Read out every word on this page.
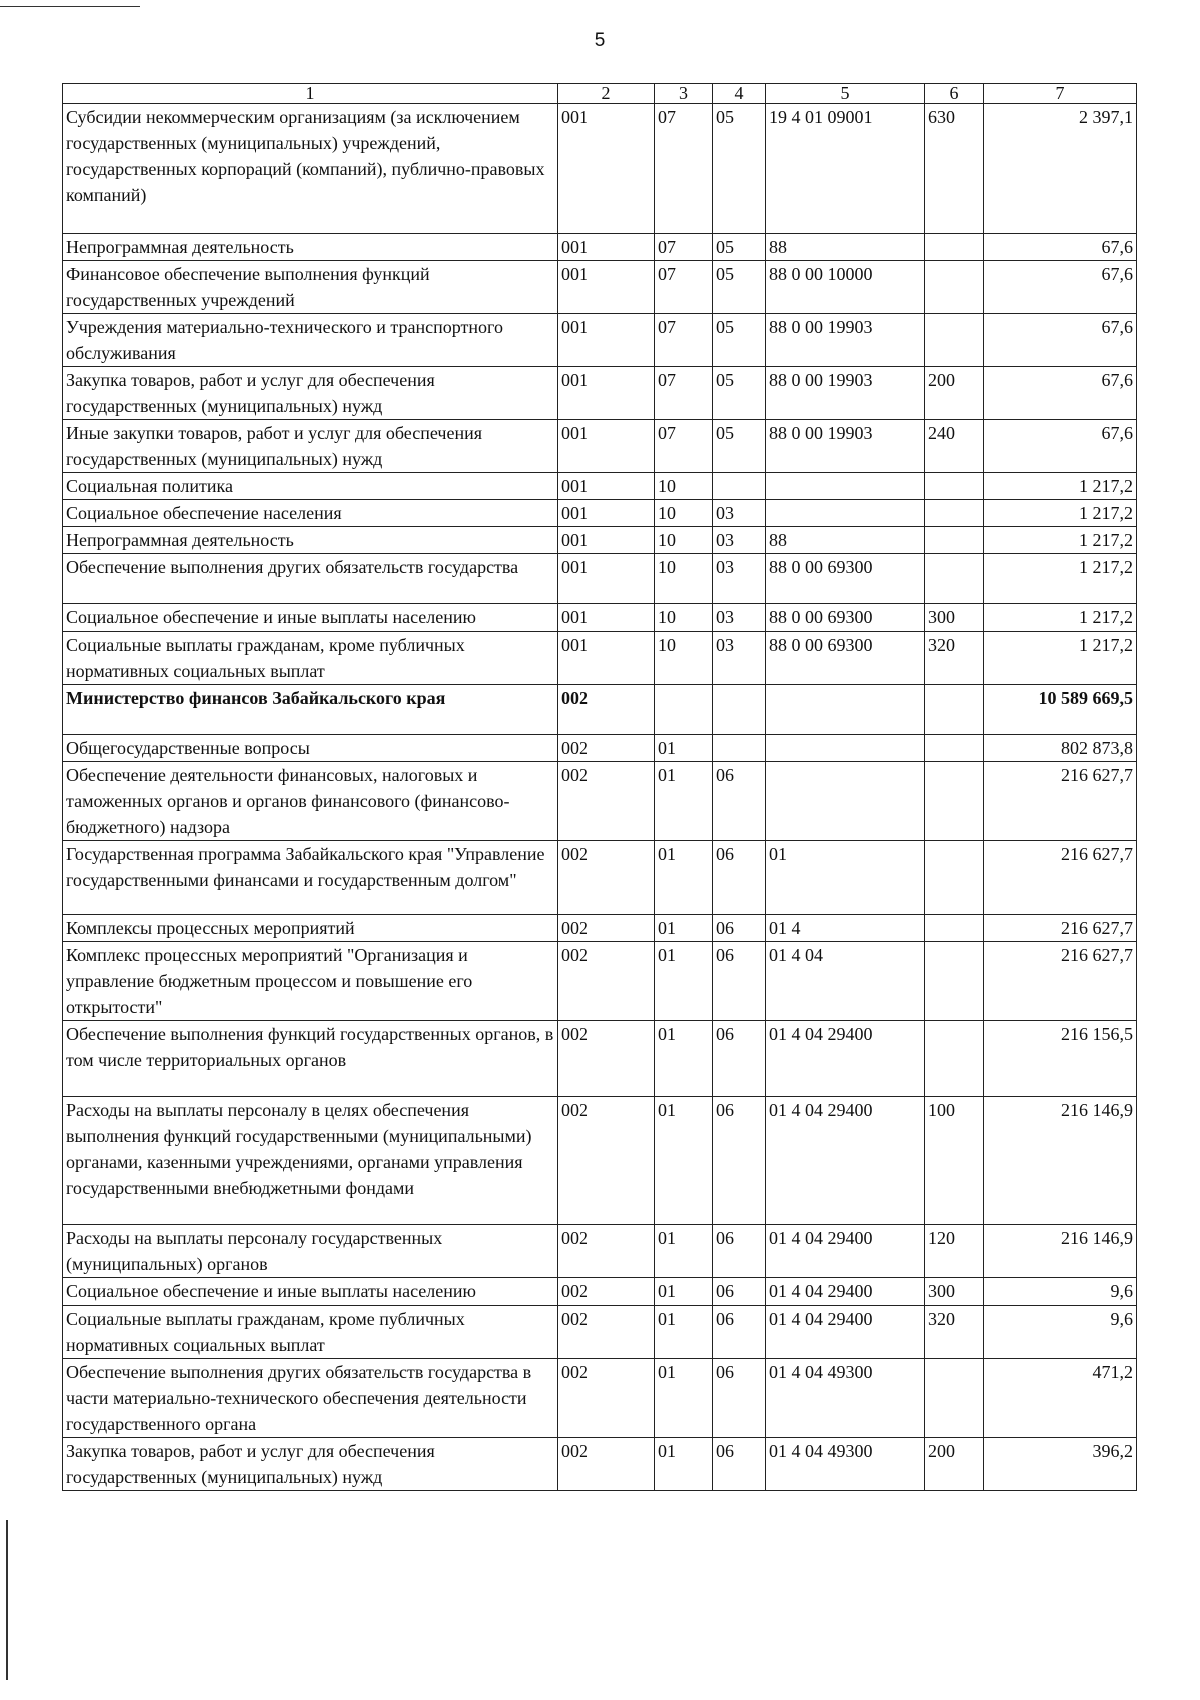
5
1	2	3	4	5	6	7
Субсидии некоммерческим организациям (за исключением государственных (муниципальных) учреждений, государственных корпораций (компаний), публично-правовых компаний)	001	07	05	19 4 01 09001	630	2 397,1
Непрограммная деятельность	001	07	05	88		67,6
Финансовое обеспечение выполнения функций государственных учреждений	001	07	05	88 0 00 10000		67,6
Учреждения материально-технического и транспортного обслуживания	001	07	05	88 0 00 19903		67,6
Закупка товаров, работ и услуг для обеспечения государственных (муниципальных) нужд	001	07	05	88 0 00 19903	200	67,6
Иные закупки товаров, работ и услуг для обеспечения государственных (муниципальных) нужд	001	07	05	88 0 00 19903	240	67,6
Социальная политика	001	10				1 217,2
Социальное обеспечение населения	001	10	03			1 217,2
Непрограммная деятельность	001	10	03	88		1 217,2
Обеспечение выполнения других обязательств государства	001	10	03	88 0 00 69300		1 217,2
Социальное обеспечение и иные выплаты населению	001	10	03	88 0 00 69300	300	1 217,2
Социальные выплаты гражданам, кроме публичных нормативных социальных выплат	001	10	03	88 0 00 69300	320	1 217,2
Министерство финансов Забайкальского края	002					10 589 669,5
Общегосударственные вопросы	002	01				802 873,8
Обеспечение деятельности финансовых, налоговых и таможенных органов и органов финансового (финансово-бюджетного) надзора	002	01	06			216 627,7
Государственная программа Забайкальского края "Управление государственными финансами и государственным долгом"	002	01	06	01		216 627,7
Комплексы процессных мероприятий	002	01	06	01 4		216 627,7
Комплекс процессных мероприятий "Организация и управление бюджетным процессом и повышение его открытости"	002	01	06	01 4 04		216 627,7
Обеспечение выполнения функций государственных органов, в том числе территориальных органов	002	01	06	01 4 04 29400		216 156,5
Расходы на выплаты персоналу в целях обеспечения выполнения функций государственными (муниципальными) органами, казенными учреждениями, органами управления государственными внебюджетными фондами	002	01	06	01 4 04 29400	100	216 146,9
Расходы на выплаты персоналу государственных (муниципальных) органов	002	01	06	01 4 04 29400	120	216 146,9
Социальное обеспечение и иные выплаты населению	002	01	06	01 4 04 29400	300	9,6
Социальные выплаты гражданам, кроме публичных нормативных социальных выплат	002	01	06	01 4 04 29400	320	9,6
Обеспечение выполнения других обязательств государства в части материально-технического обеспечения деятельности государственного органа	002	01	06	01 4 04 49300		471,2
Закупка товаров, работ и услуг для обеспечения государственных (муниципальных) нужд	002	01	06	01 4 04 49300	200	396,2
